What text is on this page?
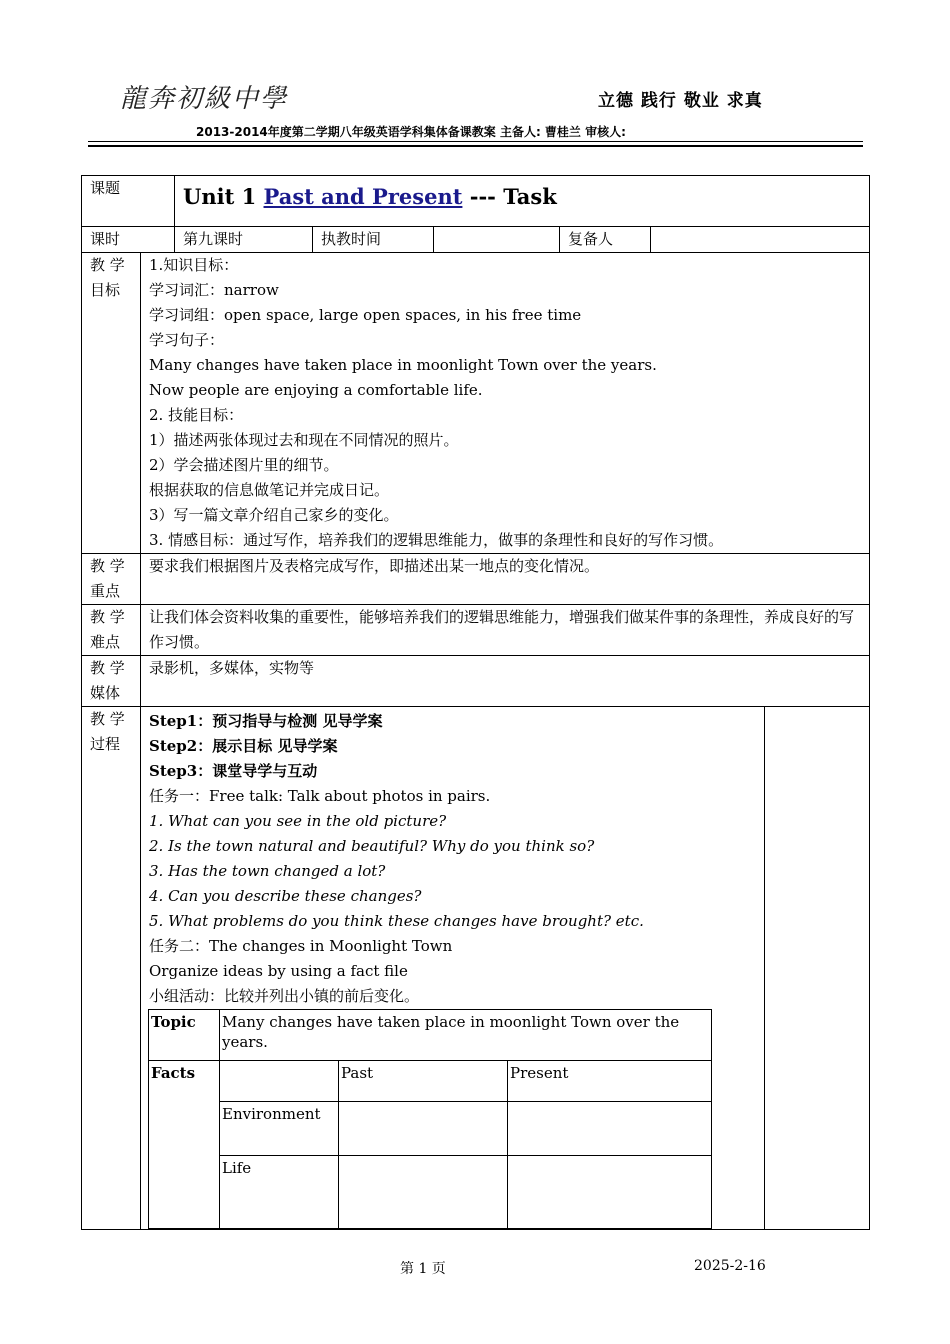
龍奔初級中學	立德 践行 敬业 求真
2013-2014年度第二学期八年级英语学科集体备课教案 主备人: 曹桂兰 审核人:
课题	Unit 1 Past and Present --- Task
课时	第九课时	执教时间		复备人	
教 学 目标	
1.知识目标：
学习词汇：narrow
学习词组：open space, large open spaces, in his free time
学习句子：
Many changes have taken place in moonlight Town over the years.
Now people are enjoying a comfortable life.
2. 技能目标：
1）描述两张体现过去和现在不同情况的照片。
2）学会描述图片里的细节。
根据获取的信息做笔记并完成日记。
3）写一篇文章介绍自己家乡的变化。
3. 情感目标：通过写作，培养我们的逻辑思维能力，做事的条理性和良好的写作习惯。

教 学 重点	要求我们根据图片及表格完成写作，即描述出某一地点的变化情况。
教 学 难点	让我们体会资料收集的重要性，能够培养我们的逻辑思维能力，增强我们做某件事的条理性，养成良好的写作习惯。
教 学 媒体	录影机，多媒体，实物等
教 学 过程	
Step1：预习指导与检测 见导学案
Step2：展示目标 见导学案
Step3：课堂导学与互动
任务一：Free talk: Talk about photos in pairs.
1. What can you see in the old picture?
2. Is the town natural and beautiful? Why do you think so?
3. Has the town changed a lot?
4. Can you describe these changes?
5. What problems do you think these changes have brought? etc.
任务二：The changes in Moonlight Town
Organize ideas by using a fact file
小组活动：比较并列出小镇的前后变化。
Topic	Many changes have taken place in moonlight Town over the years.
Facts		Past	Present
Environment		
Life		

第 1 页	2025-2-16
